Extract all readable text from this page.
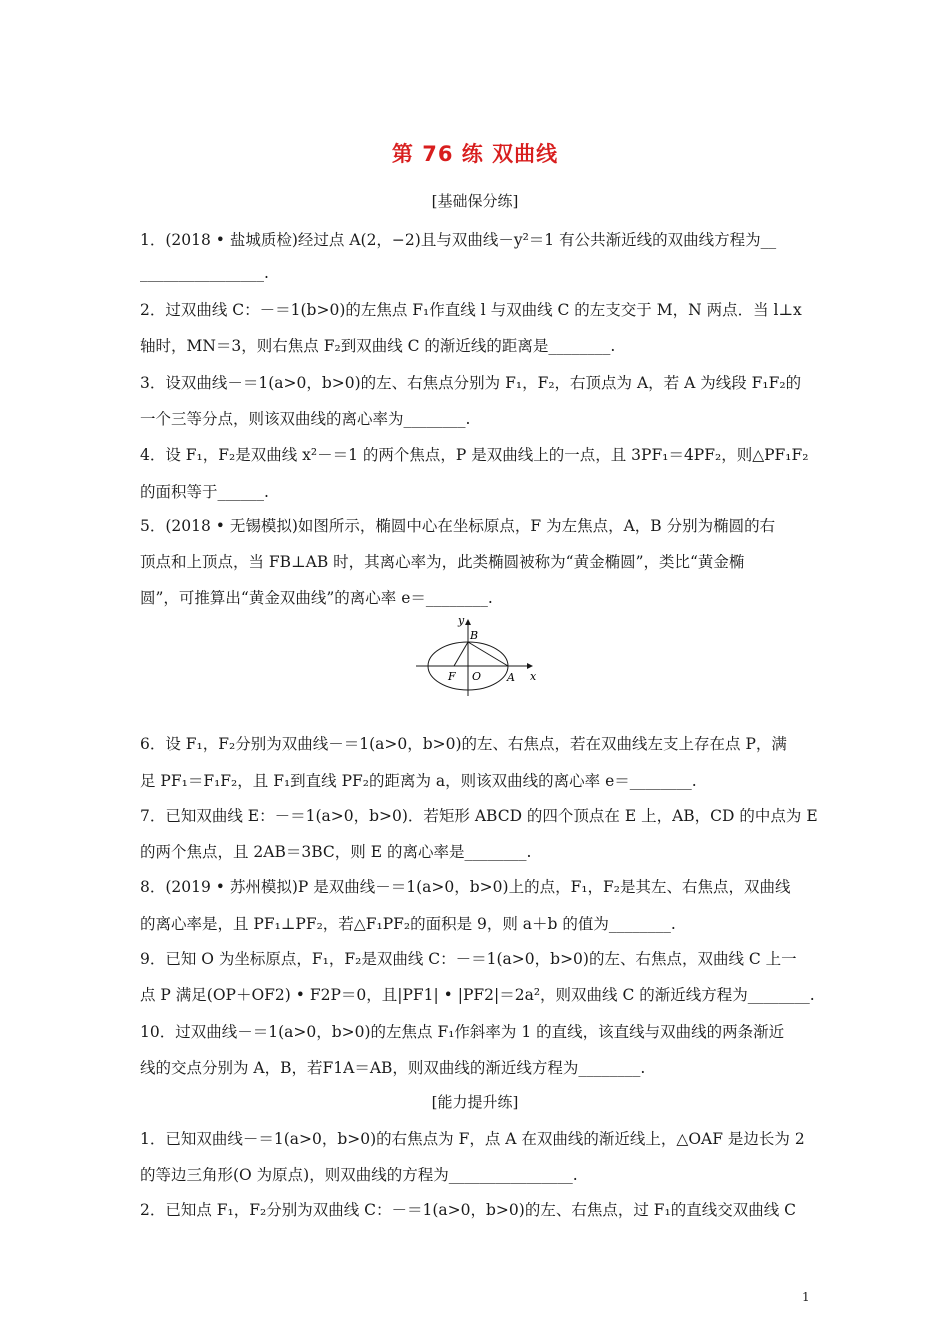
第 76 练 双曲线
[基础保分练]
1．(2018 • 盐城质检)经过点 A(2，−2)且与双曲线－y²＝1 有公共渐近线的双曲线方程为__
________________.
2．过双曲线 C：－＝1(b>0)的左焦点 F₁作直线 l 与双曲线 C 的左支交于 M，N 两点．当 l⊥x
轴时，MN＝3，则右焦点 F₂到双曲线 C 的渐近线的距离是________.
3．设双曲线－＝1(a>0，b>0)的左、右焦点分别为 F₁，F₂，右顶点为 A，若 A 为线段 F₁F₂的
一个三等分点，则该双曲线的离心率为________.
4．设 F₁，F₂是双曲线 x²－＝1 的两个焦点，P 是双曲线上的一点，且 3PF₁＝4PF₂，则△PF₁F₂
的面积等于______.
5．(2018 • 无锡模拟)如图所示，椭圆中心在坐标原点，F 为左焦点，A，B 分别为椭圆的右
顶点和上顶点，当 FB⊥AB 时，其离心率为，此类椭圆被称为“黄金椭圆”，类比“黄金椭
圆”，可推算出“黄金双曲线”的离心率 e＝________.
y
x
B
F O A
6．设 F₁，F₂分别为双曲线－＝1(a>0，b>0)的左、右焦点，若在双曲线左支上存在点 P，满
足 PF₁＝F₁F₂，且 F₁到直线 PF₂的距离为 a，则该双曲线的离心率 e＝________.
7．已知双曲线 E：－＝1(a>0，b>0)．若矩形 ABCD 的四个顶点在 E 上，AB，CD 的中点为 E
的两个焦点，且 2AB＝3BC，则 E 的离心率是________.
8．(2019 • 苏州模拟)P 是双曲线－＝1(a>0，b>0)上的点，F₁，F₂是其左、右焦点，双曲线
的离心率是，且 PF₁⊥PF₂，若△F₁PF₂的面积是 9，则 a＋b 的值为________.
9．已知 O 为坐标原点，F₁，F₂是双曲线 C：－＝1(a>0，b>0)的左、右焦点，双曲线 C 上一
点 P 满足(OP＋OF2) • F2P＝0，且|PF1| • |PF2|＝2a²，则双曲线 C 的渐近线方程为________.
10．过双曲线－＝1(a>0，b>0)的左焦点 F₁作斜率为 1 的直线，该直线与双曲线的两条渐近
线的交点分别为 A，B，若F1A＝AB，则双曲线的渐近线方程为________.
[能力提升练]
1．已知双曲线－＝1(a>0，b>0)的右焦点为 F，点 A 在双曲线的渐近线上，△OAF 是边长为 2
的等边三角形(O 为原点)，则双曲线的方程为________________.
2．已知点 F₁，F₂分别为双曲线 C：－＝1(a>0，b>0)的左、右焦点，过 F₁的直线交双曲线 C
1
